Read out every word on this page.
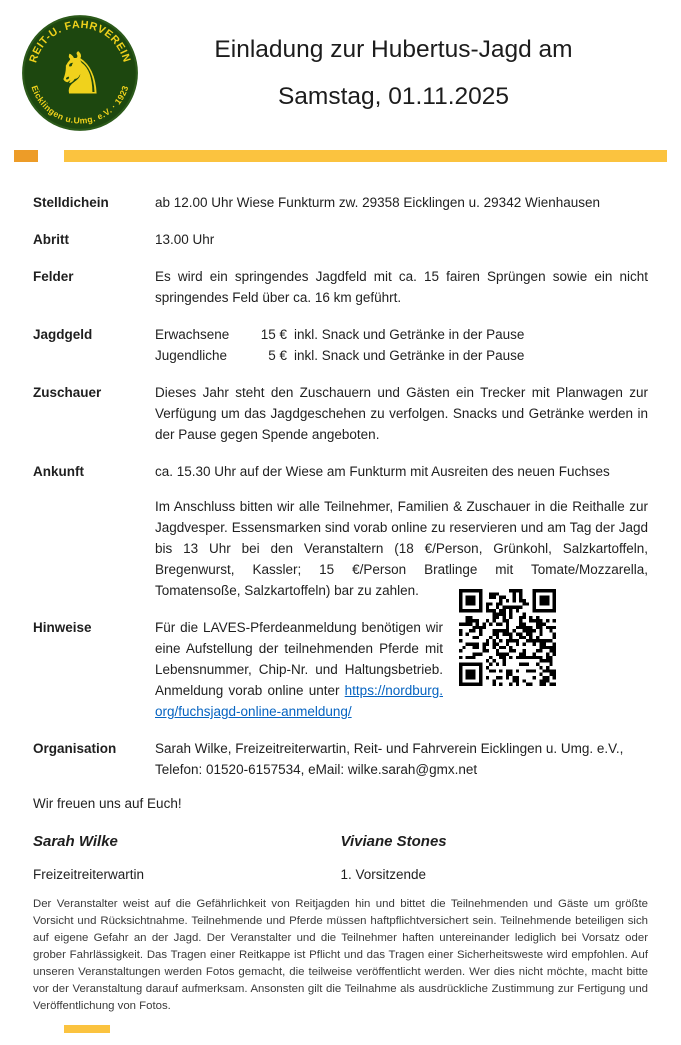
REIT-U. FAHRVEREIN
Eicklingen u.Umg. e.V. · 1923
♞	Einladung zur Hubertus-Jagd am
Samstag, 01.11.2025
Stelldichein	ab 12.00 Uhr Wiese Funkturm zw. 29358 Eicklingen u. 29342 Wienhausen
Abritt	13.00 Uhr
Felder	Es wird ein springendes Jagdfeld mit ca. 15 fairen Sprüngen sowie ein nicht springendes Feld über ca. 16 km geführt.
Jagdgeld	Erwachsene	15 € inkl. Snack und Getränke in der Pause
Jugendliche	5 € inkl. Snack und Getränke in der Pause
Zuschauer	Dieses Jahr steht den Zuschauern und Gästen ein Trecker mit Planwagen zur Verfügung um das Jagdgeschehen zu verfolgen. Snacks und Getränke werden in der Pause gegen Spende angeboten.
Ankunft	ca. 15.30 Uhr auf der Wiese am Funkturm mit Ausreiten des neuen Fuchses

Im Anschluss bitten wir alle Teilnehmer, Familien & Zuschauer in die Reithalle zur Jagdvesper. Essensmarken sind vorab online zu reservieren und am Tag der Jagd bis 13 Uhr bei den Veranstaltern (18 €/Person, Grünkohl, Salzkartoffeln, Bregenwurst, Kassler; 15 €/Person Bratlinge mit Tomate/Mozzarella, Tomatensoße, Salzkartoffeln) bar zu zahlen.

Hinweise	Für die LAVES-Pferdeanmeldung benötigen wir eine Aufstellung der teilnehmenden Pferde mit Lebensnummer, Chip-Nr. und Haltungsbetrieb. Anmeldung vorab online unter https://nordburg.org/fuchsjagd-online-anmeldung/

Organisation	Sarah Wilke, Freizeitreiterwartin, Reit- und Fahrverein Eicklingen u. Umg. e.V., Telefon: 01520-6157534, eMail: wilke.sarah@gmx.net

Wir freuen uns auf Euch!

Sarah Wilke	Viviane Stones
Freizeitreiterwartin	1. Vorsitzende

Der Veranstalter weist auf die Gefährlichkeit von Reitjagden hin und bittet die Teilnehmenden und Gäste um größte Vorsicht und Rücksichtnahme. Teilnehmende und Pferde müssen haftpflichtversichert sein. Teilnehmende beteiligen sich auf eigene Gefahr an der Jagd. Der Veranstalter und die Teilnehmer haften untereinander lediglich bei Vorsatz oder grober Fahrlässigkeit. Das Tragen einer Reitkappe ist Pflicht und das Tragen einer Sicherheitsweste wird empfohlen. Auf unseren Veranstaltungen werden Fotos gemacht, die teilweise veröffentlicht werden. Wer dies nicht möchte, macht bitte vor der Veranstaltung darauf aufmerksam. Ansonsten gilt die Teilnahme als ausdrückliche Zustimmung zur Fertigung und Veröffentlichung von Fotos.
